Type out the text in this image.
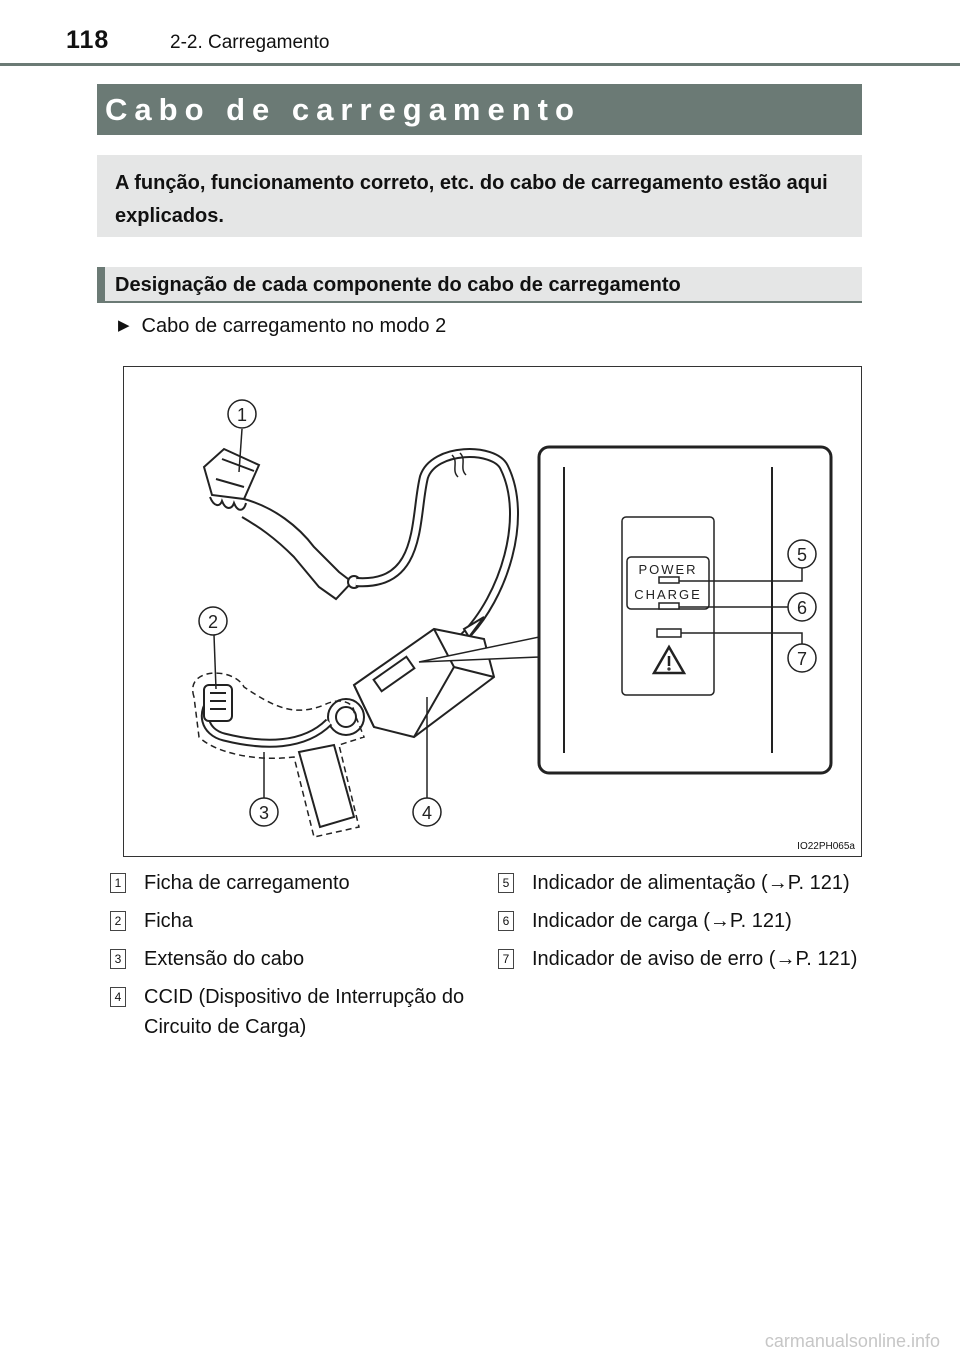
118	2-2. Carregamento
Cabo de carregamento
A função, funcionamento correto, etc. do cabo de carregamento estão aqui explicados.
Designação de cada componente do cabo de carregamento
▶ Cabo de carregamento no modo 2
POWER
CHARGE
1
2
3	4
5
6
7
IO22PH065a
1 Ficha de carregamento
2 Ficha
3 Extensão do cabo
4 CCID (Dispositivo de Interrupção do Circuito de Carga)
5 Indicador de alimentação (→P. 121)
6 Indicador de carga (→P. 121)
7 Indicador de aviso de erro (→P. 121)
carmanualsonline.info
